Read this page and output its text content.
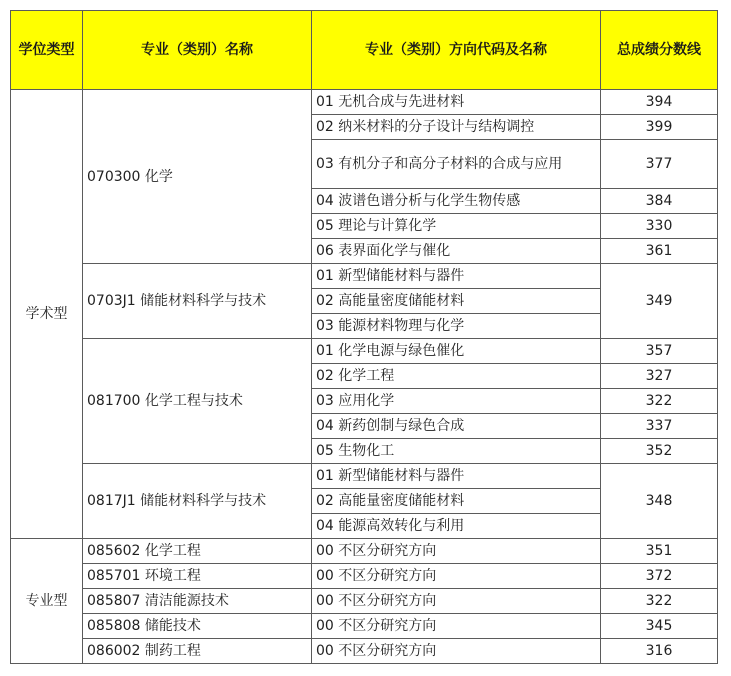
学位类型	专业（类别）名称	专业（类别）方向代码及名称	总成绩分数线
学术型	070300 化学	01 无机合成与先进材料	394
		02 纳米材料的分子设计与结构调控	399
		03 有机分子和高分子材料的合成与应用	377
		04 波谱色谱分析与化学生物传感	384
		05 理论与计算化学	330
		06 表界面化学与催化	361
	0703J1 储能材料科学与技术	01 新型储能材料与器件	349
		02 高能量密度储能材料	
		03 能源材料物理与化学	
	081700 化学工程与技术	01 化学电源与绿色催化	357
		02 化学工程	327
		03 应用化学	322
		04 新药创制与绿色合成	337
		05 生物化工	352
	0817J1 储能材料科学与技术	01 新型储能材料与器件	348
		02 高能量密度储能材料	
		04 能源高效转化与利用	
专业型	085602 化学工程	00 不区分研究方向	351
	085701 环境工程	00 不区分研究方向	372
	085807 清洁能源技术	00 不区分研究方向	322
	085808 储能技术	00 不区分研究方向	345
	086002 制药工程	00 不区分研究方向	316
